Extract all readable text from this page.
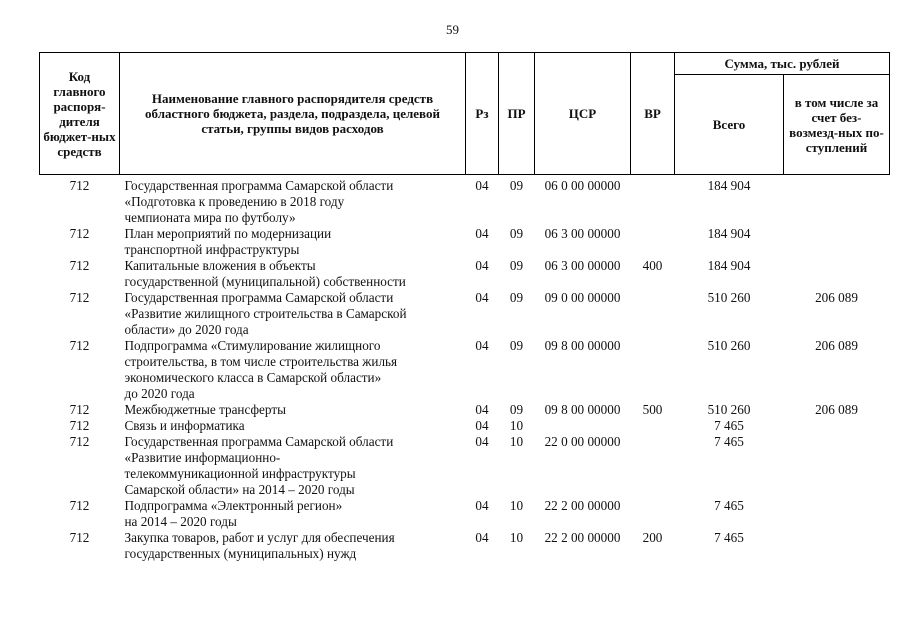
59
Код главного распоря-дителя бюджет-ных средств	Наименование главного распорядителя средств областного бюджета, раздела, подраздела, целевой статьи, группы видов расходов	Рз	ПР	ЦСР	ВР	Сумма, тыс. рублей	
						Всего	в том числе за счет без-возмезд-ных по-ступлений
712	Государственная программа Самарской области
«Подготовка к проведению в 2018 году
чемпионата мира по футболу»	04	09	06 0 00 00000		184 904	
712	План мероприятий по модернизации
транспортной инфраструктуры	04	09	06 3 00 00000		184 904	
712	Капитальные вложения в объекты
государственной (муниципальной) собственности	04	09	06 3 00 00000	400	184 904	
712	Государственная программа Самарской области
«Развитие жилищного строительства в Самарской
области» до 2020 года	04	09	09 0 00 00000		510 260	206 089
712	Подпрограмма «Стимулирование жилищного
строительства, в том числе строительства жилья
экономического класса в Самарской области»
до 2020 года	04	09	09 8 00 00000		510 260	206 089
712	Межбюджетные трансферты	04	09	09 8 00 00000	500	510 260	206 089
712	Связь и информатика	04	10			7 465	
712	Государственная программа Самарской области
«Развитие информационно-
телекоммуникационной инфраструктуры
Самарской области» на 2014 – 2020 годы	04	10	22 0 00 00000		7 465	
712	Подпрограмма «Электронный регион»
на 2014 – 2020 годы	04	10	22 2 00 00000		7 465	
712	Закупка товаров, работ и услуг для обеспечения
государственных (муниципальных) нужд	04	10	22 2 00 00000	200	7 465	
